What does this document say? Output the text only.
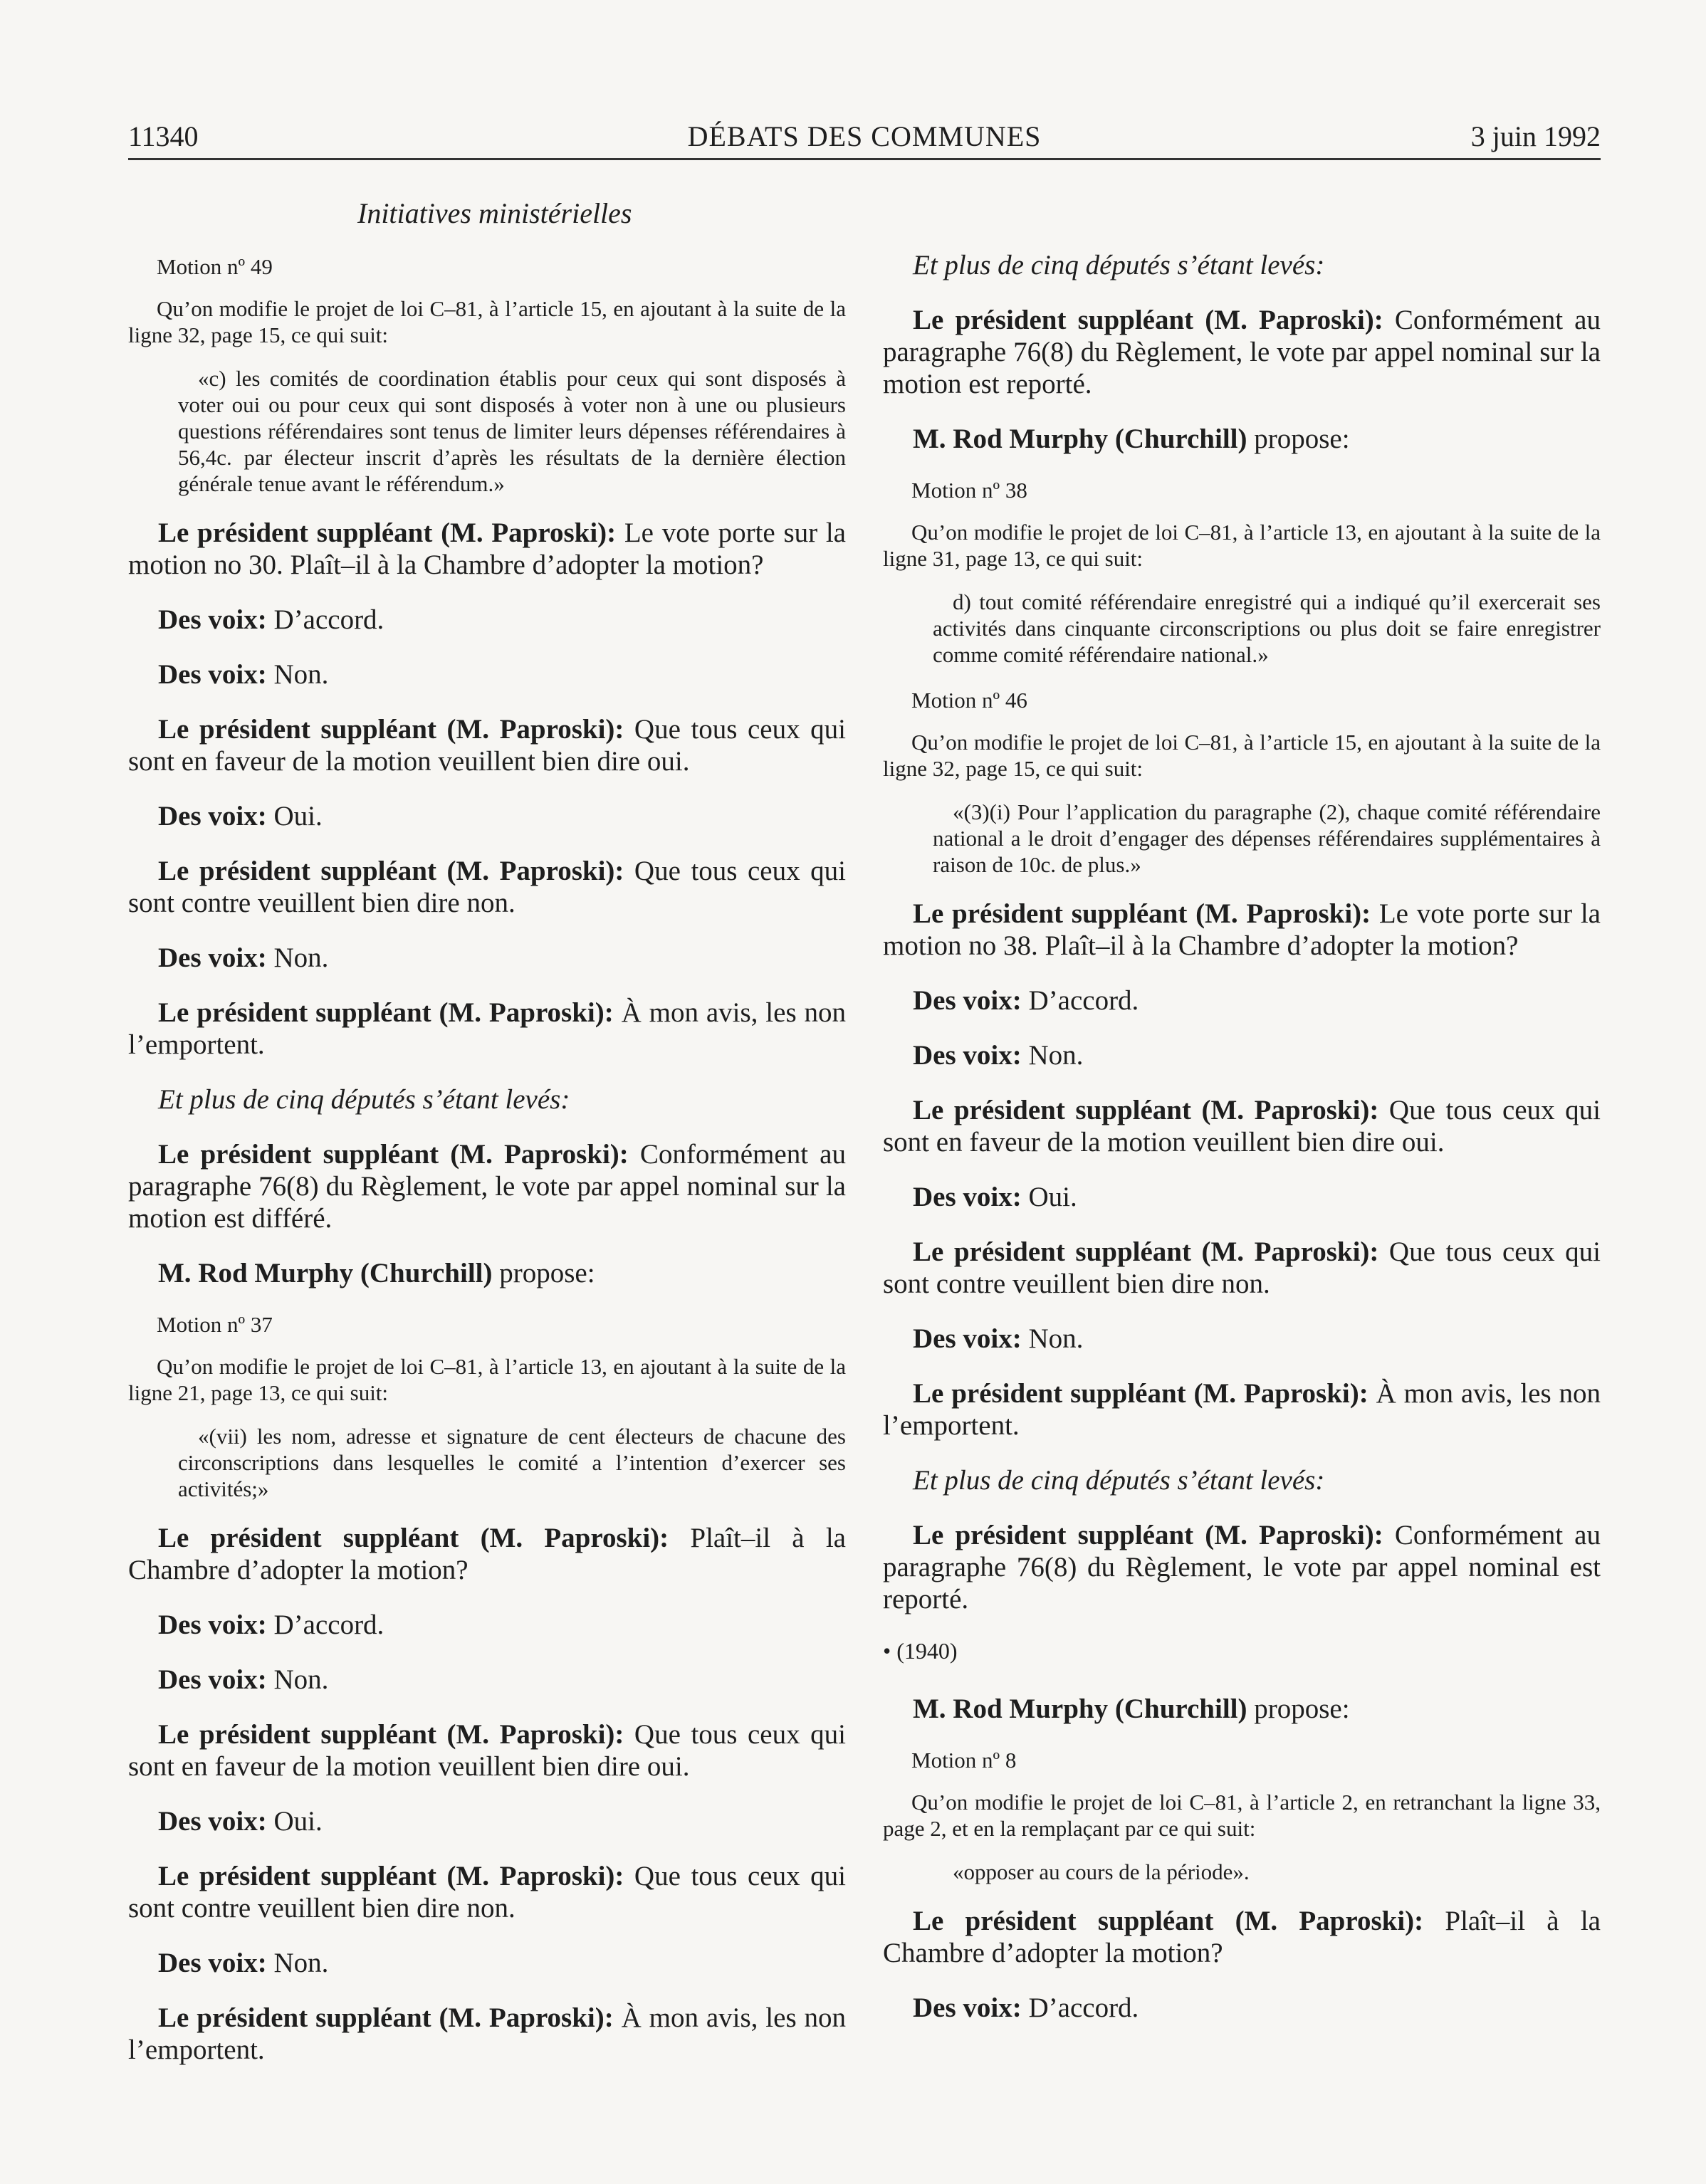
11340	DÉBATS DES COMMUNES	3 juin 1992
Initiatives ministérielles
Motion nº 49

Qu’on modifie le projet de loi C–81, à l’article 15, en ajoutant à la suite de la ligne 32, page 15, ce qui suit:

«c) les comités de coordination établis pour ceux qui sont disposés à voter oui ou pour ceux qui sont disposés à voter non à une ou plusieurs questions référendaires sont tenus de limiter leurs dépenses référendaires à 56,4c. par électeur inscrit d’après les résultats de la dernière élection générale tenue avant le référendum.»

Le président suppléant (M. Paproski): Le vote porte sur la motion no 30. Plaît–il à la Chambre d’adopter la motion?

Des voix: D’accord.

Des voix: Non.

Le président suppléant (M. Paproski): Que tous ceux qui sont en faveur de la motion veuillent bien dire oui.

Des voix: Oui.

Le président suppléant (M. Paproski): Que tous ceux qui sont contre veuillent bien dire non.

Des voix: Non.

Le président suppléant (M. Paproski): À mon avis, les non l’emportent.

Et plus de cinq députés s’étant levés:

Le président suppléant (M. Paproski): Conformément au paragraphe 76(8) du Règlement, le vote par appel nominal sur la motion est différé.

M. Rod Murphy (Churchill) propose:

Motion nº 37

Qu’on modifie le projet de loi C–81, à l’article 13, en ajoutant à la suite de la ligne 21, page 13, ce qui suit:

«(vii) les nom, adresse et signature de cent électeurs de chacune des circonscriptions dans lesquelles le comité a l’intention d’exercer ses activités;»

Le président suppléant (M. Paproski): Plaît–il à la Chambre d’adopter la motion?

Des voix: D’accord.

Des voix: Non.

Le président suppléant (M. Paproski): Que tous ceux qui sont en faveur de la motion veuillent bien dire oui.

Des voix: Oui.

Le président suppléant (M. Paproski): Que tous ceux qui sont contre veuillent bien dire non.

Des voix: Non.

Le président suppléant (M. Paproski): À mon avis, les non l’emportent.

Et plus de cinq députés s’étant levés:

Le président suppléant (M. Paproski): Conformément au paragraphe 76(8) du Règlement, le vote par appel nominal sur la motion est reporté.

M. Rod Murphy (Churchill) propose:

Motion nº 38

Qu’on modifie le projet de loi C–81, à l’article 13, en ajoutant à la suite de la ligne 31, page 13, ce qui suit:

d) tout comité référendaire enregistré qui a indiqué qu’il exercerait ses activités dans cinquante circonscriptions ou plus doit se faire enregistrer comme comité référendaire national.»

Motion nº 46

Qu’on modifie le projet de loi C–81, à l’article 15, en ajoutant à la suite de la ligne 32, page 15, ce qui suit:

«(3)(i) Pour l’application du paragraphe (2), chaque comité référendaire national a le droit d’engager des dépenses référendaires supplémentaires à raison de 10c. de plus.»

Le président suppléant (M. Paproski): Le vote porte sur la motion no 38. Plaît–il à la Chambre d’adopter la motion?

Des voix: D’accord.

Des voix: Non.

Le président suppléant (M. Paproski): Que tous ceux qui sont en faveur de la motion veuillent bien dire oui.

Des voix: Oui.

Le président suppléant (M. Paproski): Que tous ceux qui sont contre veuillent bien dire non.

Des voix: Non.

Le président suppléant (M. Paproski): À mon avis, les non l’emportent.

Et plus de cinq députés s’étant levés:

Le président suppléant (M. Paproski): Conformément au paragraphe 76(8) du Règlement, le vote par appel nominal est reporté.

• (1940)

M. Rod Murphy (Churchill) propose:

Motion nº 8

Qu’on modifie le projet de loi C–81, à l’article 2, en retranchant la ligne 33, page 2, et en la remplaçant par ce qui suit:

«opposer au cours de la période».

Le président suppléant (M. Paproski): Plaît–il à la Chambre d’adopter la motion?

Des voix: D’accord.
